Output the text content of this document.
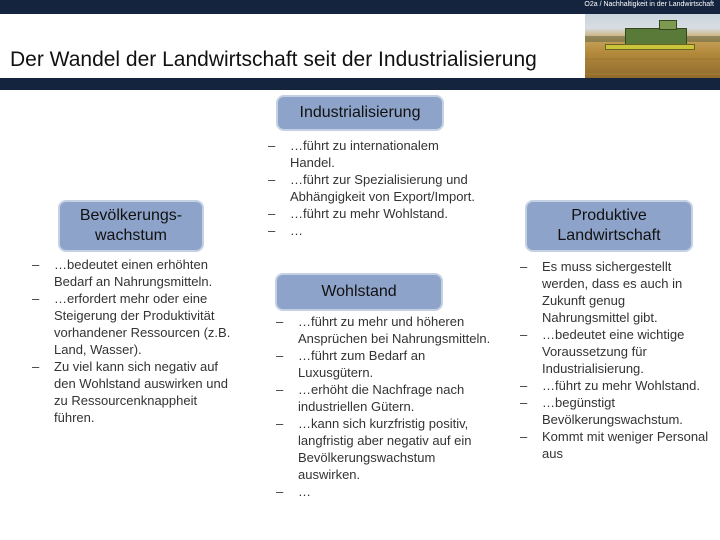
O2a / Nachhaltigkeit in der Landwirtschaft
Der Wandel der Landwirtschaft seit der Industrialisierung
Industrialisierung
– …führt zu internationalem Handel.
– …führt zur Spezialisierung und Abhängigkeit von Export/Import.
– …führt zu mehr Wohlstand.
– …
Bevölkerungs-wachstum
– …bedeutet einen erhöhten Bedarf an Nahrungsmitteln.
– …erfordert mehr oder eine Steigerung der Produktivität vorhandener Ressourcen (z.B. Land, Wasser).
– Zu viel kann sich negativ auf den Wohlstand auswirken und zu Ressourcenknappheit führen.
Wohlstand
– …führt zu mehr und höheren Ansprüchen bei Nahrungsmitteln.
– …führt zum Bedarf an Luxusgütern.
– …erhöht die Nachfrage nach industriellen Gütern.
– …kann sich kurzfristig positiv, langfristig aber negativ auf ein Bevölkerungswachstum auswirken.
– …
Produktive Landwirtschaft
– Es muss sichergestellt werden, dass es auch in Zukunft genug Nahrungsmittel gibt.
– …bedeutet eine wichtige Voraussetzung für Industrialisierung.
– …führt zu mehr Wohlstand.
– …begünstigt Bevölkerungswachstum.
– Kommt mit weniger Personal aus
